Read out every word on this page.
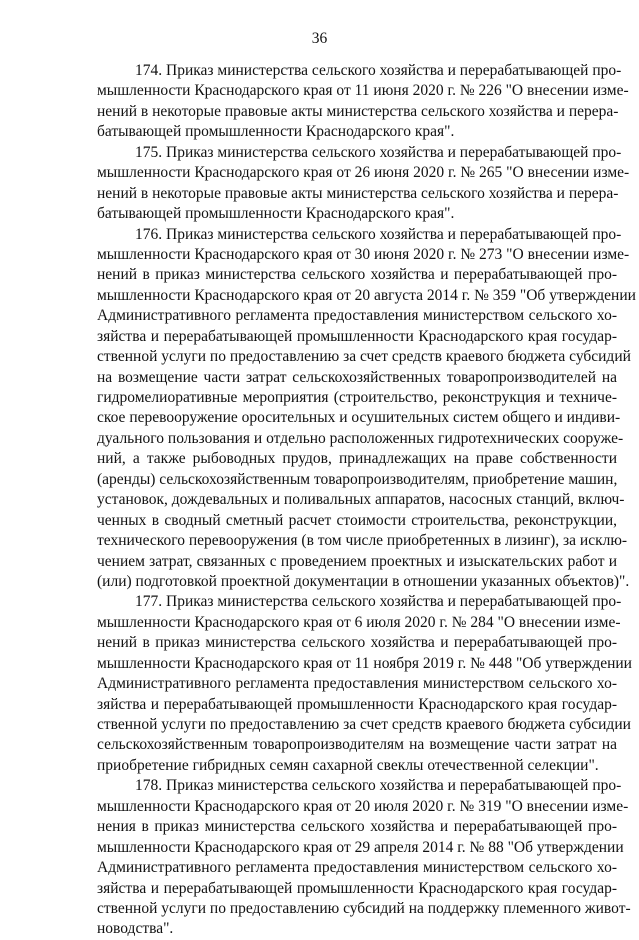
36
174. Приказ министерства сельского хозяйства и перерабатывающей про-
мышленности Краснодарского края от 11 июня 2020 г. № 226 "О внесении изме-
нений в некоторые правовые акты министерства сельского хозяйства и перера-
батывающей промышленности Краснодарского края".
175. Приказ министерства сельского хозяйства и перерабатывающей про-
мышленности Краснодарского края от 26 июня 2020 г. № 265 "О внесении изме-
нений в некоторые правовые акты министерства сельского хозяйства и перера-
батывающей промышленности Краснодарского края".
176. Приказ министерства сельского хозяйства и перерабатывающей про-
мышленности Краснодарского края от 30 июня 2020 г. № 273 "О внесении изме-
нений в приказ министерства сельского хозяйства и перерабатывающей про-
мышленности Краснодарского края от 20 августа 2014 г. № 359 "Об утверждении
Административного регламента предоставления министерством сельского хо-
зяйства и перерабатывающей промышленности Краснодарского края государ-
ственной услуги по предоставлению за счет средств краевого бюджета субсидий
на возмещение части затрат сельскохозяйственных товаропроизводителей на
гидромелиоративные мероприятия (строительство, реконструкция и техниче-
ское перевооружение оросительных и осушительных систем общего и индиви-
дуального пользования и отдельно расположенных гидротехнических сооруже-
ний, а также рыбоводных прудов, принадлежащих на праве собственности
(аренды) сельскохозяйственным товаропроизводителям, приобретение машин,
установок, дождевальных и поливальных аппаратов, насосных станций, включ-
ченных в сводный сметный расчет стоимости строительства, реконструкции,
технического перевооружения (в том числе приобретенных в лизинг), за исклю-
чением затрат, связанных с проведением проектных и изыскательских работ и
(или) подготовкой проектной документации в отношении указанных объектов)".
177. Приказ министерства сельского хозяйства и перерабатывающей про-
мышленности Краснодарского края от 6 июля 2020 г. № 284 "О внесении изме-
нений в приказ министерства сельского хозяйства и перерабатывающей про-
мышленности Краснодарского края от 11 ноября 2019 г. № 448 "Об утверждении
Административного регламента предоставления министерством сельского хо-
зяйства и перерабатывающей промышленности Краснодарского края государ-
ственной услуги по предоставлению за счет средств краевого бюджета субсидии
сельскохозяйственным товаропроизводителям на возмещение части затрат на
приобретение гибридных семян сахарной свеклы отечественной селекции".
178. Приказ министерства сельского хозяйства и перерабатывающей про-
мышленности Краснодарского края от 20 июля 2020 г. № 319 "О внесении изме-
нения в приказ министерства сельского хозяйства и перерабатывающей про-
мышленности Краснодарского края от 29 апреля 2014 г. № 88 "Об утверждении
Административного регламента предоставления министерством сельского хо-
зяйства и перерабатывающей промышленности Краснодарского края государ-
ственной услуги по предоставлению субсидий на поддержку племенного живот-
новодства".
